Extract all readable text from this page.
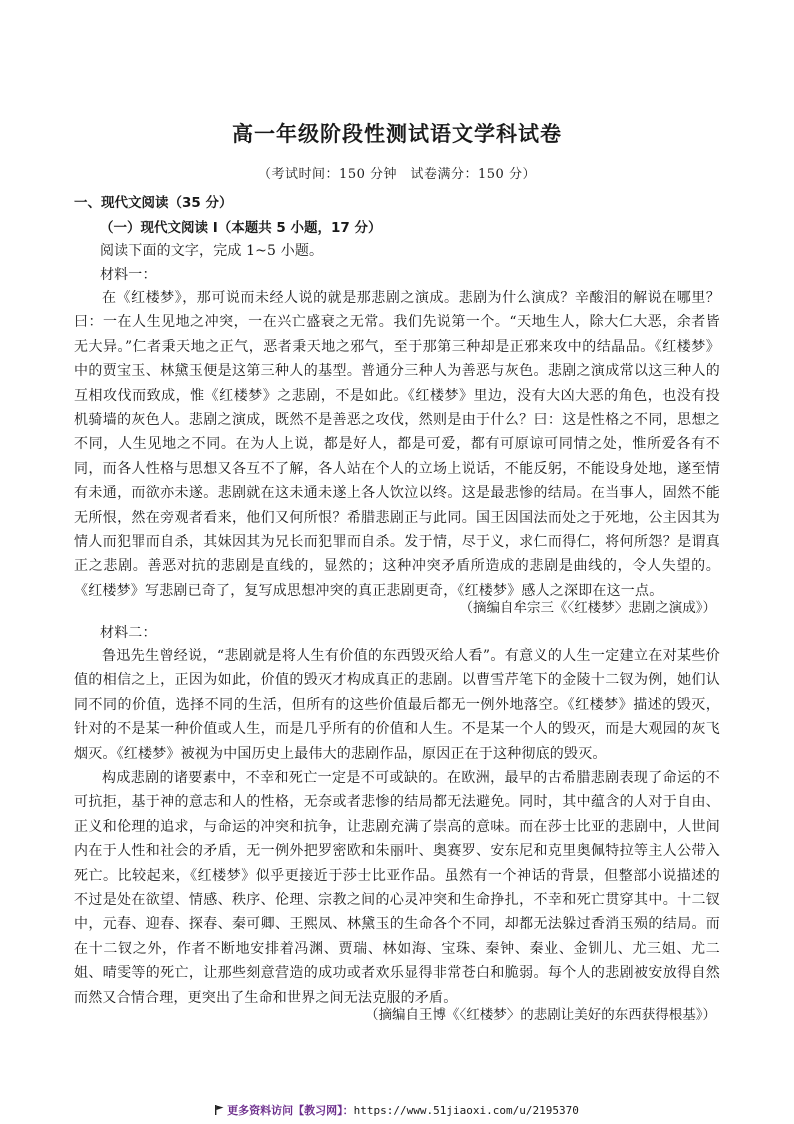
高一年级阶段性测试语文学科试卷
（考试时间：150 分钟　试卷满分：150 分）
一、现代文阅读（35 分）
（一）现代文阅读 I（本题共 5 小题，17 分）
阅读下面的文字，完成 1~5 小题。
材料一：

在《红楼梦》，那可说而未经人说的就是那悲剧之演成。悲剧为什么演成？辛酸泪的解说在哪里？曰：一在人生见地之冲突，一在兴亡盛衰之无常。我们先说第一个。“天地生人，除大仁大恶，余者皆无大异。”仁者秉天地之正气，恶者秉天地之邪气，至于那第三种却是正邪来攻中的结晶品。《红楼梦》中的贾宝玉、林黛玉便是这第三种人的基型。普通分三种人为善恶与灰色。悲剧之演成常以这三种人的互相攻伐而致成，惟《红楼梦》之悲剧，不是如此。《红楼梦》里边，没有大凶大恶的角色，也没有投机骑墙的灰色人。悲剧之演成，既然不是善恶之攻伐，然则是由于什么？曰：这是性格之不同，思想之不同，人生见地之不同。在为人上说，都是好人，都是可爱，都有可原谅可同情之处，惟所爱各有不同，而各人性格与思想又各互不了解，各人站在个人的立场上说话，不能反躬，不能设身处地，遂至情有未通，而欲亦未遂。悲剧就在这未通未遂上各人饮泣以终。这是最悲惨的结局。在当事人，固然不能无所恨，然在旁观者看来，他们又何所恨？希腊悲剧正与此同。国王因国法而处之于死地，公主因其为情人而犯罪而自杀，其妹因其为兄长而犯罪而自杀。发于情，尽于义，求仁而得仁，将何所怨？是谓真正之悲剧。善恶对抗的悲剧是直线的，显然的；这种冲突矛盾所造成的悲剧是曲线的，令人失望的。《红楼梦》写悲剧已奇了，复写成思想冲突的真正悲剧更奇，《红楼梦》感人之深即在这一点。

（摘编自牟宗三《〈红楼梦〉悲剧之演成》）
材料二：

鲁迅先生曾经说，“悲剧就是将人生有价值的东西毁灭给人看”。有意义的人生一定建立在对某些价值的相信之上，正因为如此，价值的毁灭才构成真正的悲剧。以曹雪芹笔下的金陵十二钗为例，她们认同不同的价值，选择不同的生活，但所有的这些价值最后都无一例外地落空。《红楼梦》描述的毁灭，针对的不是某一种价值或人生，而是几乎所有的价值和人生。不是某一个人的毁灭，而是大观园的灰飞烟灭。《红楼梦》被视为中国历史上最伟大的悲剧作品，原因正在于这种彻底的毁灭。

构成悲剧的诸要素中，不幸和死亡一定是不可或缺的。在欧洲，最早的古希腊悲剧表现了命运的不可抗拒，基于神的意志和人的性格，无奈或者悲惨的结局都无法避免。同时，其中蕴含的人对于自由、正义和伦理的追求，与命运的冲突和抗争，让悲剧充满了崇高的意味。而在莎士比亚的悲剧中，人世间内在于人性和社会的矛盾，无一例外把罗密欧和朱丽叶、奥赛罗、安东尼和克里奥佩特拉等主人公带入死亡。比较起来，《红楼梦》似乎更接近于莎士比亚作品。虽然有一个神话的背景，但整部小说描述的不过是处在欲望、情感、秩序、伦理、宗教之间的心灵冲突和生命挣扎，不幸和死亡贯穿其中。十二钗中，元春、迎春、探春、秦可卿、王熙凤、林黛玉的生命各个不同，却都无法躲过香消玉殒的结局。而在十二钗之外，作者不断地安排着冯渊、贾瑞、林如海、宝珠、秦钟、秦业、金钏儿、尤三姐、尤二姐、晴雯等的死亡，让那些刻意营造的成功或者欢乐显得非常苍白和脆弱。每个人的悲剧被安放得自然而然又合情合理，更突出了生命和世界之间无法克服的矛盾。

（摘编自王博《〈红楼梦〉的悲剧让美好的东西获得根基》）
更多资料访问【教习网】：https://www.51jiaoxi.com/u/2195370
